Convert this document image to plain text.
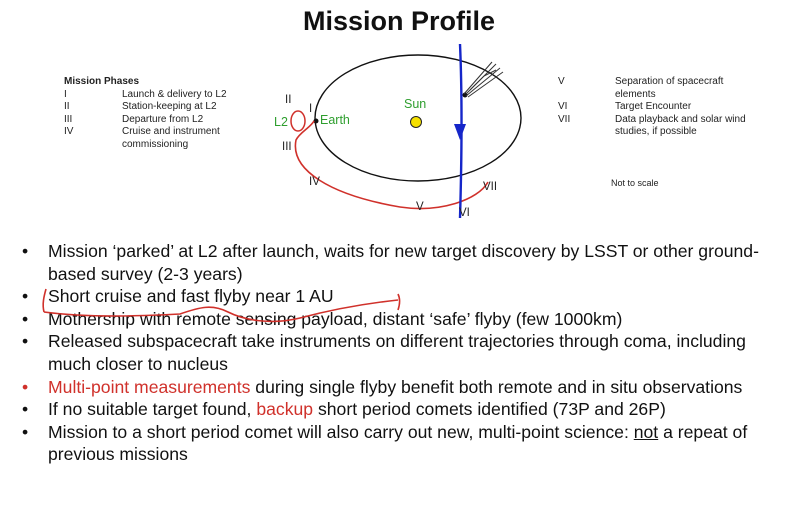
Mission Profile
Mission Phases
I	Launch & delivery to L2
II	Station-keeping at L2
III	Departure from L2
IV	Cruise and instrument commissioning
V	Separation of spacecraft elements
VI	Target Encounter
VII	Data playback and solar wind studies, if possible
Not to scale
Sun
Earth
L2
II
I
III
IV
V	VI
VII
• Mission ‘parked’ at L2 after launch, waits for new target discovery by LSST or other ground-based survey (2-3 years)
• Short cruise and fast flyby near 1 AU
• Mothership with remote sensing payload, distant ‘safe’ flyby (few 1000km)
• Released subspacecraft take instruments on different trajectories through coma, including much closer to nucleus
• Multi-point measurements during single flyby benefit both remote and in situ observations
• If no suitable target found, backup short period comets identified (73P and 26P)
• Mission to a short period comet will also carry out new, multi-point science: not a repeat of previous missions
